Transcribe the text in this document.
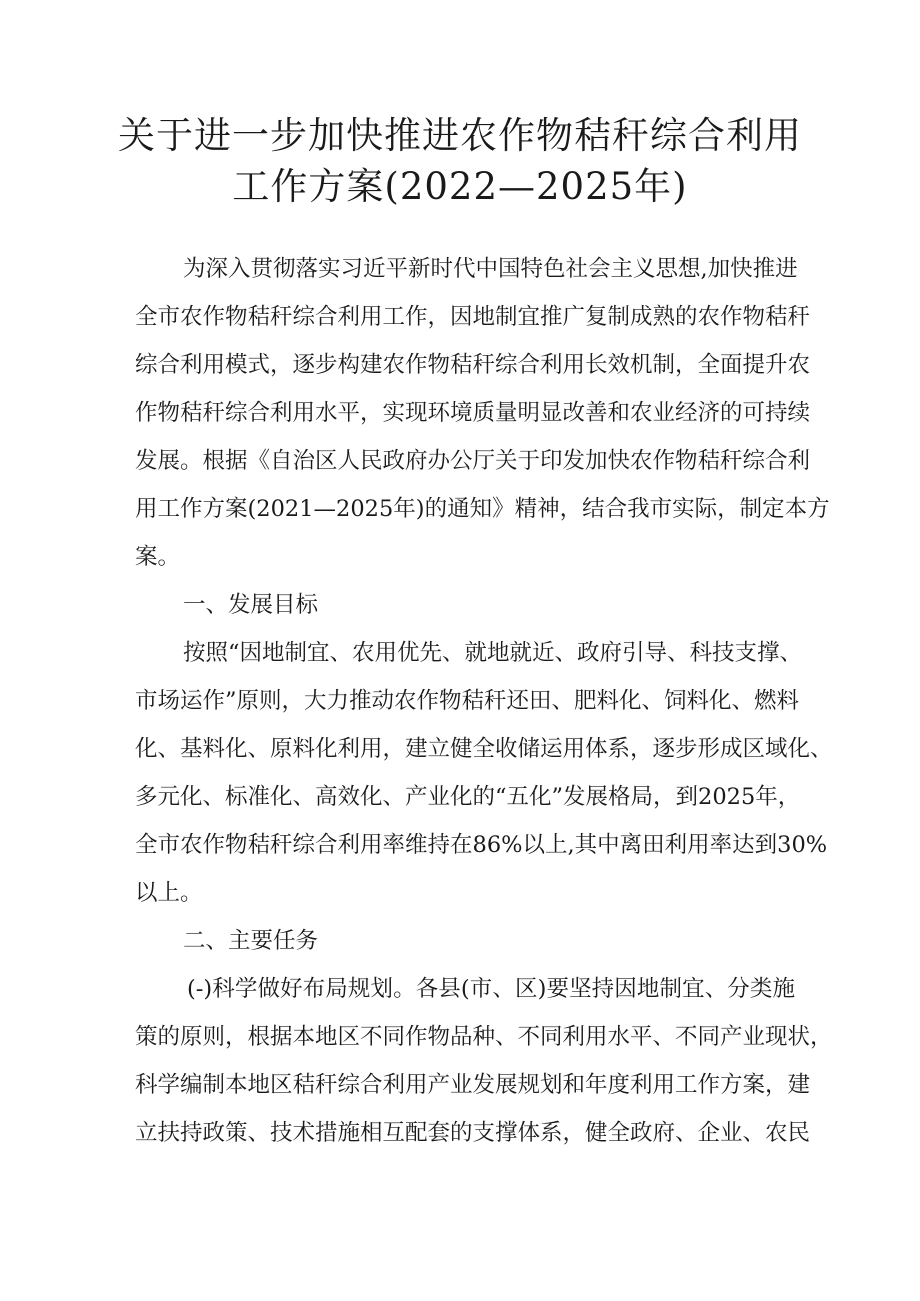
关于进一步加快推进农作物秸秆综合利用
工作方案(2022—2025年)
为深入贯彻落实习近平新时代中国特色社会主义思想,加快推进
全市农作物秸秆综合利用工作，因地制宜推广复制成熟的农作物秸秆
综合利用模式，逐步构建农作物秸秆综合利用长效机制，全面提升农
作物秸秆综合利用水平，实现环境质量明显改善和农业经济的可持续
发展。根据《自治区人民政府办公厅关于印发加快农作物秸秆综合利
用工作方案(2021—2025年)的通知》精神，结合我市实际，制定本方
案。
一、发展目标
按照“因地制宜、农用优先、就地就近、政府引导、科技支撑、
市场运作”原则，大力推动农作物秸秆还田、肥料化、饲料化、燃料
化、基料化、原料化利用，建立健全收储运用体系，逐步形成区域化、
多元化、标准化、高效化、产业化的“五化”发展格局，到2025年，
全市农作物秸秆综合利用率维持在86%以上,其中离田利用率达到30%
以上。
二、主要任务
(-)科学做好布局规划。各县(市、区)要坚持因地制宜、分类施
策的原则，根据本地区不同作物品种、不同利用水平、不同产业现状，
科学编制本地区秸秆综合利用产业发展规划和年度利用工作方案，建
立扶持政策、技术措施相互配套的支撑体系，健全政府、企业、农民
